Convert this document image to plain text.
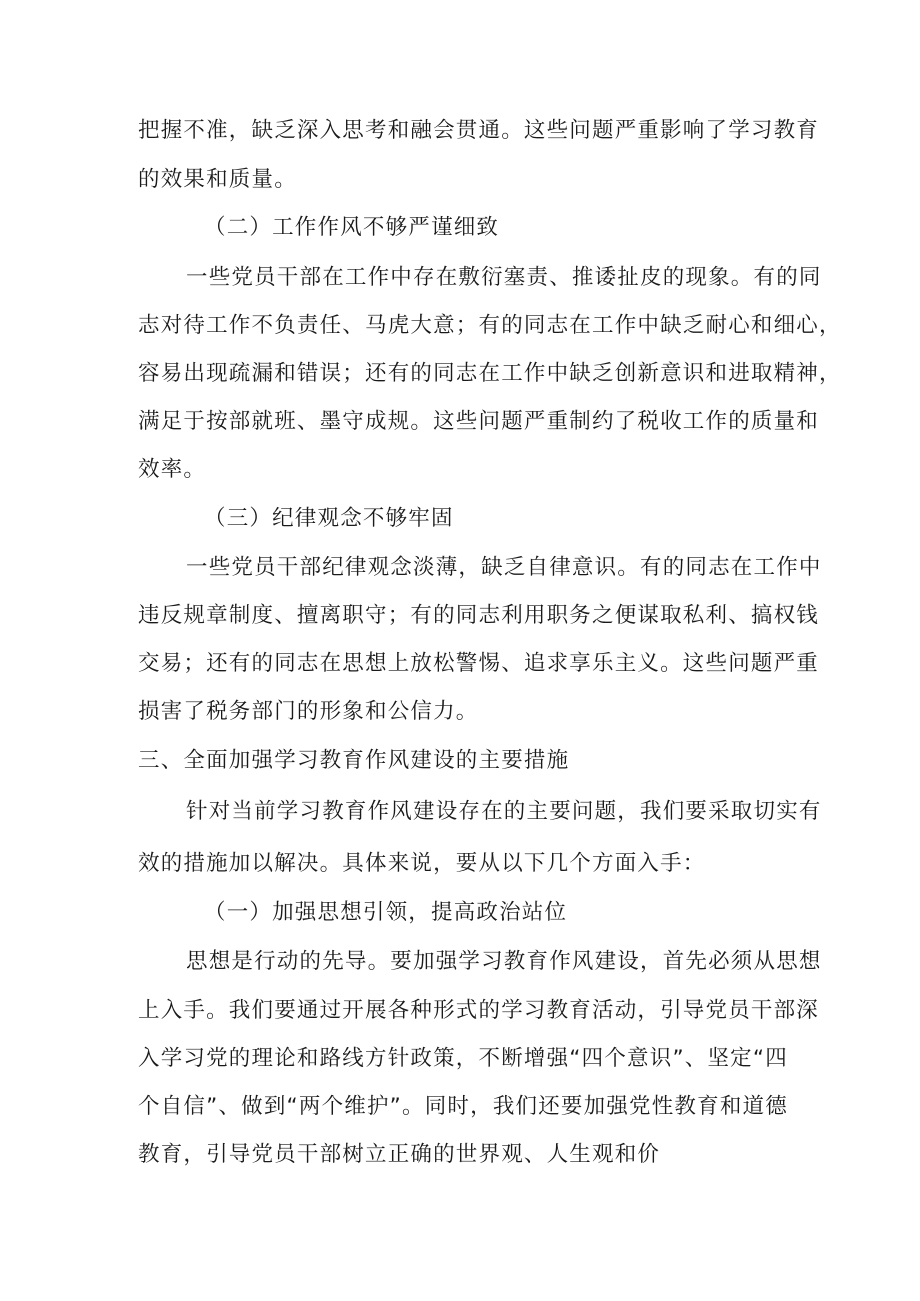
把握不准，缺乏深入思考和融会贯通。这些问题严重影响了学习教育
的效果和质量。
（二）工作作风不够严谨细致
一些党员干部在工作中存在敷衍塞责、推诿扯皮的现象。有的同
志对待工作不负责任、马虎大意；有的同志在工作中缺乏耐心和细心，
容易出现疏漏和错误；还有的同志在工作中缺乏创新意识和进取精神，
满足于按部就班、墨守成规。这些问题严重制约了税收工作的质量和
效率。
（三）纪律观念不够牢固
一些党员干部纪律观念淡薄，缺乏自律意识。有的同志在工作中
违反规章制度、擅离职守；有的同志利用职务之便谋取私利、搞权钱
交易；还有的同志在思想上放松警惕、追求享乐主义。这些问题严重
损害了税务部门的形象和公信力。
三、全面加强学习教育作风建设的主要措施
针对当前学习教育作风建设存在的主要问题，我们要采取切实有
效的措施加以解决。具体来说，要从以下几个方面入手：
（一）加强思想引领，提高政治站位
思想是行动的先导。要加强学习教育作风建设，首先必须从思想
上入手。我们要通过开展各种形式的学习教育活动，引导党员干部深
入学习党的理论和路线方针政策，不断增强“四个意识”、坚定“四
个自信”、做到“两个维护”。同时，我们还要加强党性教育和道德
教育，引导党员干部树立正确的世界观、人生观和价
